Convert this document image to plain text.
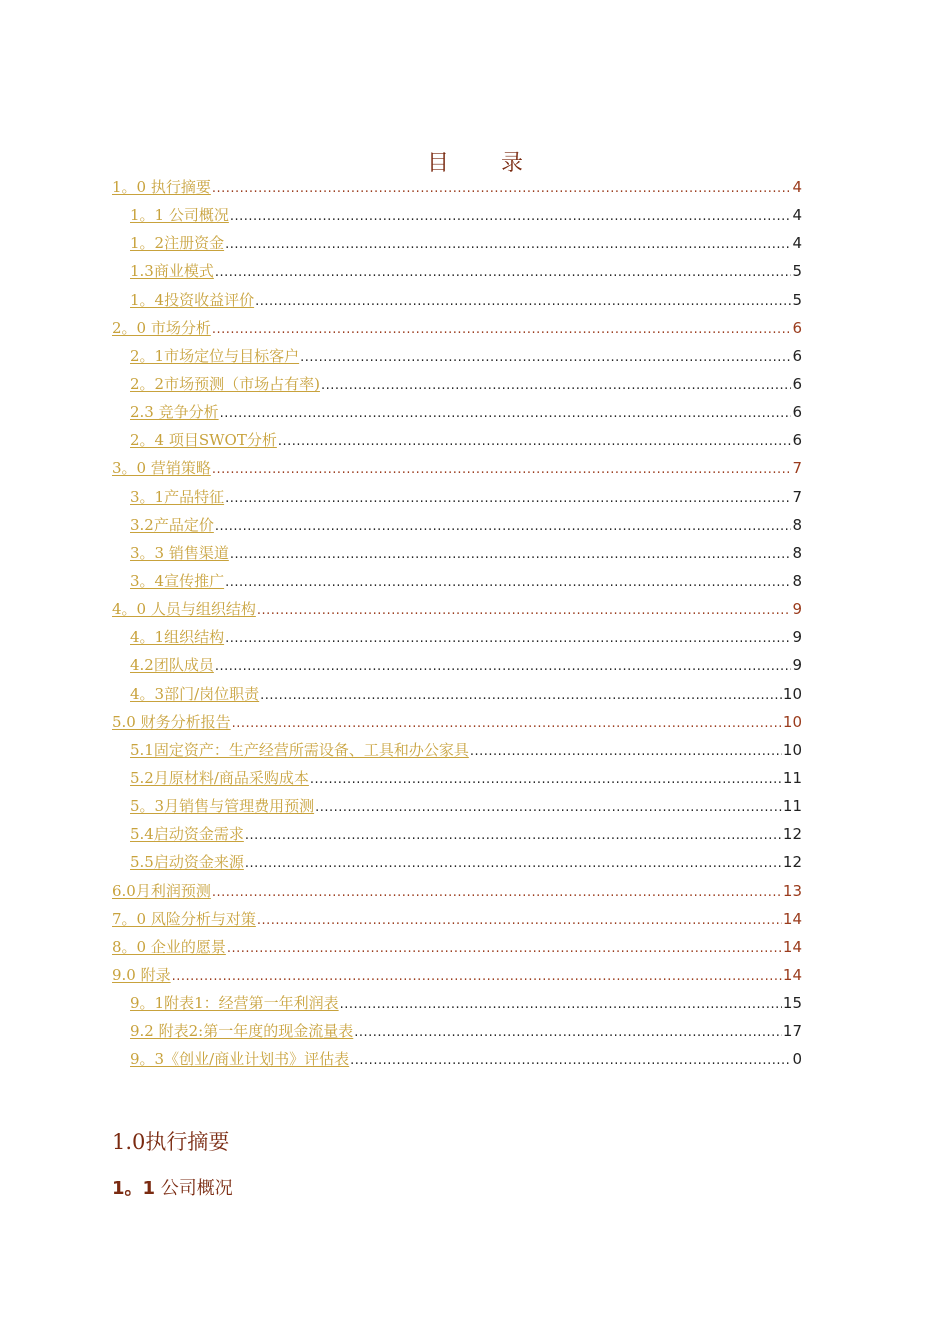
目 录
1。0 执行摘要 .....	4
1。1 公司概况 .....	4
1。2注册资金 .....	4
1.3商业模式 .....	5
1。4投资收益评价 .....	5
2。0 市场分析 .....	6
2。1市场定位与目标客户 .....	6
2。2市场预测（市场占有率) .....	6
2.3 竞争分析 .....	6
2。4 项目SWOT分析 .....	6
3。0 营销策略 .....	7
3。1产品特征 .....	7
3.2产品定价 .....	8
3。3 销售渠道 .....	8
3。4宣传推广 .....	8
4。0 人员与组织结构 .....	9
4。1组织结构 .....	9
4.2团队成员 .....	9
4。3部门/岗位职责 .....	10
5.0 财务分析报告 .....	10
5.1固定资产：生产经营所需设备、工具和办公家具 .....	10
5.2月原材料/商品采购成本 .....	11
5。3月销售与管理费用预测 .....	11
5.4启动资金需求 .....	12
5.5启动资金来源 .....	12
6.0月利润预测 .....	13
7。0 风险分析与对策 .....	14
8。0 企业的愿景 .....	14
9.0 附录 .....	14
9。1附表1：经营第一年利润表 .....	15
9.2 附表2:第一年度的现金流量表 .....	17
9。3《创业/商业计划书》评估表 .....	0
1.0执行摘要
1。1 公司概况
